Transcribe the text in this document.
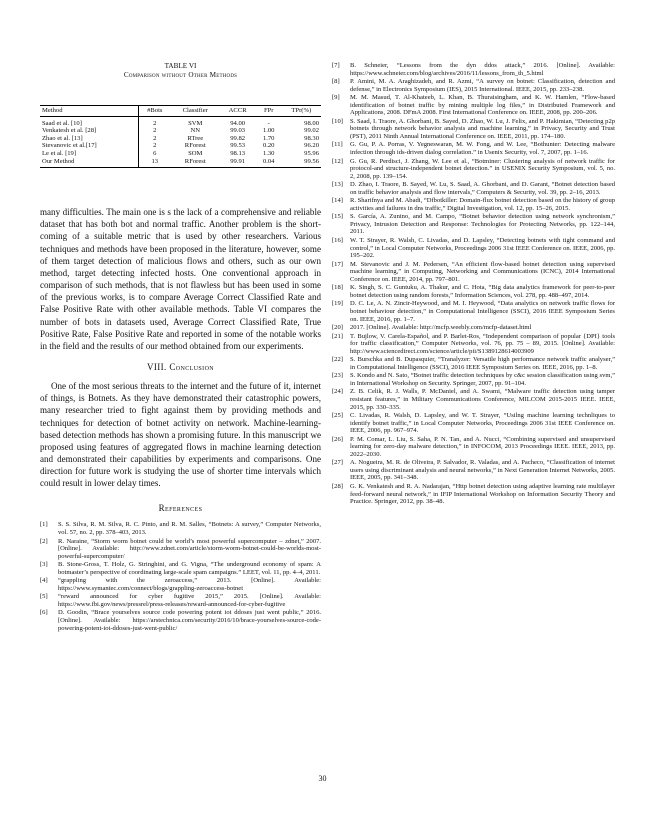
TABLE VI
Comparison without Other Methods
Method	#Bots	Classifier	ACCR	FPr	TPr(%)
Saad et al. [10]	2	SVM	94.00	-	98.00
Venkatesh et al. [28]	2	NN	99.03	1.00	99.02
Zhao et al. [13]	2	RTree	99.82	1.70	98.30
Stevanovic et al.[17]	2	RForest	99.53	0.20	96.20
Le et al. [19]	6	SOM	98.13	1.30	95.96
Our Method	13	RForest	99.91	0.04	99.56

many difficulties. The main one is s the lack of a comprehensive and reliable dataset that has both bot and normal traffic. Another problem is the short-coming of a suitable metric that is used by other researchers. Various techniques and methods have been proposed in the literature, however, some of them target detection of malicious flows and others, such as our own method, target detecting infected hosts. One conventional approach in comparison of such methods, that is not flawless but has been used in some of the previous works, is to compare Average Correct Classified Rate and False Positive Rate with other available methods. Table VI compares the number of bots in datasets used, Average Correct Classified Rate, True Positive Rate, False Positive Rate and reported in some of the notable works in the field and the results of our method obtained from our experiments.

VIII. Conclusion

One of the most serious threats to the internet and the future of it, internet of things, is Botnets. As they have demonstrated their catastrophic powers, many researcher tried to fight against them by providing methods and techniques for detection of botnet activity on network. Machine-learning-based detection methods has shown a promising future. In this manuscript we proposed using features of aggregated flows in machine learning detection and demonstrated their capabilities by experiments and comparisons. One direction for future work is studying the use of shorter time intervals which could result in lower delay times.

References
[1] S. S. Silva, R. M. Silva, R. C. Pinto, and R. M. Salles, “Botnets: A survey,” Computer Networks, vol. 57, no. 2, pp. 378–403, 2013.
[2] R. Naraine, “Storm worm botnet could be world’s most powerful supercomputer – zdnet,” 2007. [Online]. Available: http://www.zdnet.com/article/storm-worm-botnet-could-be-worlds-most-powerful-supercomputer/
[3] B. Stone-Gross, T. Holz, G. Stringhini, and G. Vigna, “The underground economy of spam: A botmaster’s perspective of coordinating large-scale spam campaigns.” LEET, vol. 11, pp. 4–4, 2011.
[4] “grappling with the zeroaccess,” 2013. [Online]. Available: https://www.symantec.com/connect/blogs/grappling-zeroaccess-botnet
[5] “reward announced for cyber fugitive 2015,” 2015. [Online]. Available: https://www.fbi.gov/news/pressrel/press-releases/reward-announced-for-cyber-fugitive
[6] D. Goodin, “Brace yourselves source code powering potent iot ddoses just went public,” 2016. [Online]. Available: https://arstechnica.com/security/2016/10/brace-yourselves-source-code-powering-potent-iot-ddoses-just-went-public/
[7] B. Schneier, “Lessons from the dyn ddos attack,” 2016. [Online]. Available: https://www.schneier.com/blog/archives/2016/11/lessons_from_th_5.html
[8] P. Amini, M. A. Araghizadeh, and R. Azmi, “A survey on botnet: Classification, detection and defense,” in Electronics Symposium (IES), 2015 International. IEEE, 2015, pp. 233–238.
[9] M. M. Masud, T. Al-Khateeb, L. Khan, B. Thuraisingham, and K. W. Hamlen, “Flow-based identification of botnet traffic by mining multiple log files,” in Distributed Framework and Applications, 2008. DFmA 2008. First International Conference on. IEEE, 2008, pp. 200–206.
[10] S. Saad, I. Traore, A. Ghorbani, B. Sayed, D. Zhao, W. Lu, J. Felix, and P. Hakimian, “Detecting p2p botnets through network behavior analysis and machine learning,” in Privacy, Security and Trust (PST), 2011 Ninth Annual International Conference on. IEEE, 2011, pp. 174–180.
[11] G. Gu, P. A. Porras, V. Yegneswaran, M. W. Fong, and W. Lee, “Bothunter: Detecting malware infection through ids-driven dialog correlation.” in Usenix Security, vol. 7, 2007, pp. 1–16.
[12] G. Gu, R. Perdisci, J. Zhang, W. Lee et al., “Botminer: Clustering analysis of network traffic for protocol-and structure-independent botnet detection.” in USENIX Security Symposium, vol. 5, no. 2, 2008, pp. 139–154.
[13] D. Zhao, I. Traore, B. Sayed, W. Lu, S. Saad, A. Ghorbani, and D. Garant, “Botnet detection based on traffic behavior analysis and flow intervals,” Computers & Security, vol. 39, pp. 2–16, 2013.
[14] R. Sharifnya and M. Abadi, “Dfbotkiller: Domain-flux botnet detection based on the history of group activities and failures in dns traffic,” Digital Investigation, vol. 12, pp. 15–26, 2015.
[15] S. García, A. Zunino, and M. Campo, “Botnet behavior detection using network synchronism,” Privacy, Intrusion Detection and Response: Technologies for Protecting Networks, pp. 122–144, 2011.
[16] W. T. Strayer, R. Walsh, C. Livadas, and D. Lapsley, “Detecting botnets with tight command and control,” in Local Computer Networks, Proceedings 2006 31st IEEE Conference on. IEEE, 2006, pp. 195–202.
[17] M. Stevanovic and J. M. Pedersen, “An efficient flow-based botnet detection using supervised machine learning,” in Computing, Networking and Communications (ICNC), 2014 International Conference on. IEEE, 2014, pp. 797–801.
[18] K. Singh, S. C. Guntuku, A. Thakur, and C. Hota, “Big data analytics framework for peer-to-peer botnet detection using random forests,” Information Sciences, vol. 278, pp. 488–497, 2014.
[19] D. C. Le, A. N. Zincir-Heywood, and M. I. Heywood, “Data analytics on network traffic flows for botnet behaviour detection,” in Computational Intelligence (SSCI), 2016 IEEE Symposium Series on. IEEE, 2016, pp. 1–7.
[20] 2017. [Online]. Available: http://mcfp.weebly.com/mcfp-dataset.html
[21] T. Bujlow, V. Carela-Español, and P. Barlet-Ros, “Independent comparison of popular {DPI} tools for traffic classification,” Computer Networks, vol. 76, pp. 75 – 89, 2015. [Online]. Available: http://www.sciencedirect.com/science/article/pii/S1389128614003909
[22] S. Burschka and B. Dupasquier, “Tranalyzer: Versatile high performance network traffic analyser,” in Computational Intelligence (SSCI), 2016 IEEE Symposium Series on. IEEE, 2016, pp. 1–8.
[23] S. Kondo and N. Sato, “Botnet traffic detection techniques by c&c session classification using svm,” in International Workshop on Security. Springer, 2007, pp. 91–104.
[24] Z. B. Celik, R. J. Walls, P. McDaniel, and A. Swami, “Malware traffic detection using tamper resistant features,” in Military Communications Conference, MILCOM 2015-2015 IEEE. IEEE, 2015, pp. 330–335.
[25] C. Livadas, R. Walsh, D. Lapsley, and W. T. Strayer, “Usilng machine learning technliques to identify botnet traffic,” in Local Computer Networks, Proceedings 2006 31st IEEE Conference on. IEEE, 2006, pp. 967–974.
[26] P. M. Comar, L. Liu, S. Saha, P. N. Tan, and A. Nucci, “Combining supervised and unsupervised learning for zero-day malware detection,” in INFOCOM, 2013 Proceedings IEEE. IEEE, 2013, pp. 2022–2030.
[27] A. Nogueira, M. R. de Oliveira, P. Salvador, R. Valadas, and A. Pacheco, “Classification of internet users using discriminant analysis and neural networks,” in Next Generation Internet Networks, 2005. IEEE, 2005, pp. 341–348.
[28] G. K. Venkatesh and R. A. Nadarajan, “Http botnet detection using adaptive learning rate multilayer feed-forward neural network,” in IFIP International Workshop on Information Security Theory and Practice. Springer, 2012, pp. 38–48.
30
